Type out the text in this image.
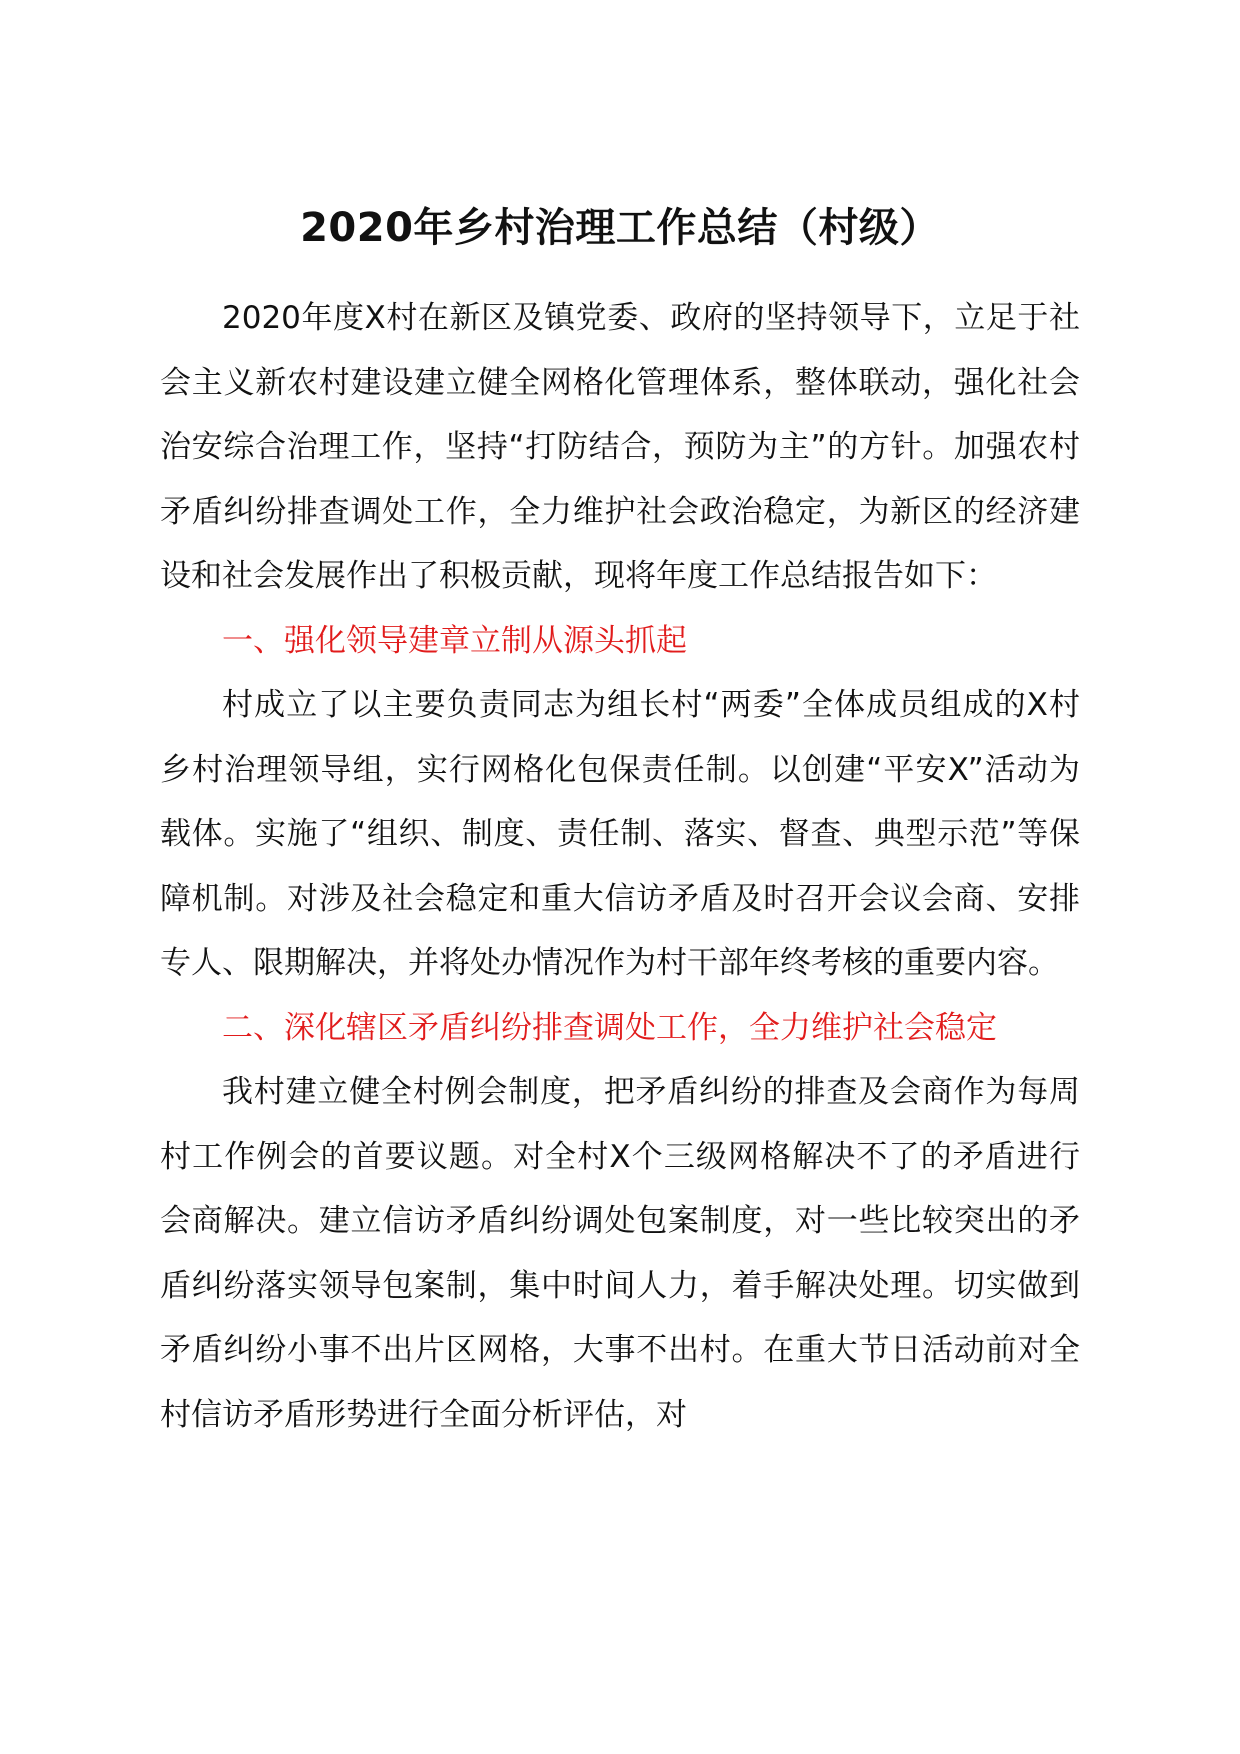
2020年乡村治理工作总结（村级）

2020年度X村在新区及镇党委、政府的坚持领导下，立足于社会主义新农村建设建立健全网格化管理体系，整体联动，强化社会治安综合治理工作，坚持“打防结合，预防为主”的方针。加强农村矛盾纠纷排查调处工作，全力维护社会政治稳定，为新区的经济建设和社会发展作出了积极贡献，现将年度工作总结报告如下：

一、强化领导建章立制从源头抓起

村成立了以主要负责同志为组长村“两委”全体成员组成的X村乡村治理领导组，实行网格化包保责任制。以创建“平安X”活动为载体。实施了“组织、制度、责任制、落实、督查、典型示范”等保障机制。对涉及社会稳定和重大信访矛盾及时召开会议会商、安排专人、限期解决，并将处办情况作为村干部年终考核的重要内容。

二、深化辖区矛盾纠纷排查调处工作，全力维护社会稳定

我村建立健全村例会制度，把矛盾纠纷的排查及会商作为每周村工作例会的首要议题。对全村X个三级网格解决不了的矛盾进行会商解决。建立信访矛盾纠纷调处包案制度，对一些比较突出的矛盾纠纷落实领导包案制，集中时间人力，着手解决处理。切实做到矛盾纠纷小事不出片区网格，大事不出村。在重大节日活动前对全村信访矛盾形势进行全面分析评估，对
